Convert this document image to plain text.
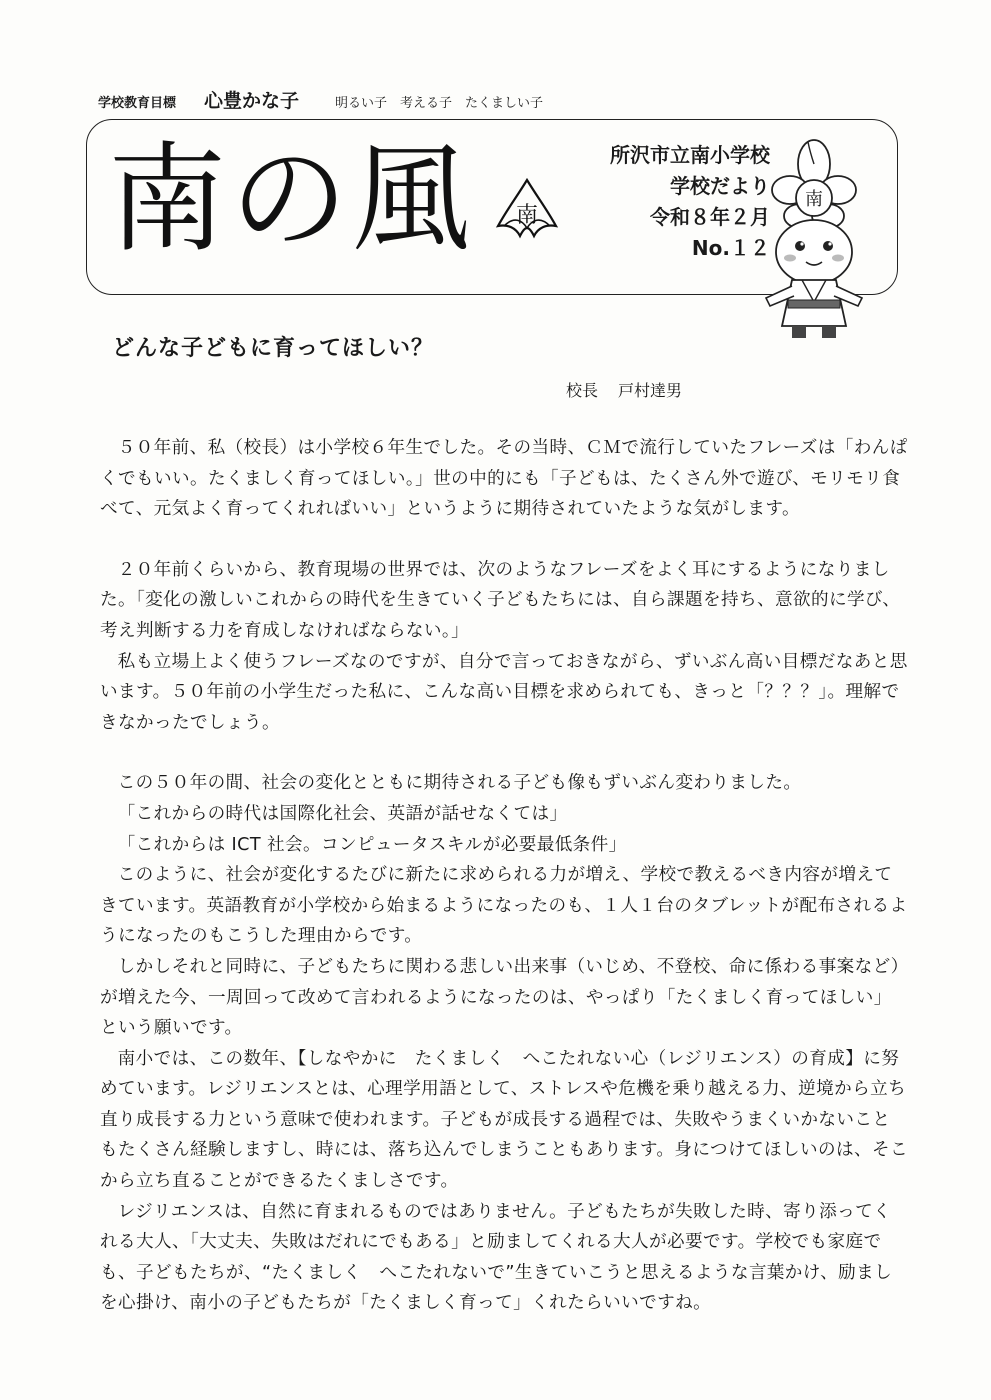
学校教育目標 心豊かな子	明るい子　考える子　たくましい子
南の風 南
所沢市立南小学校
学校だより
令和８年２月
No.１２
南
どんな子どもに育ってほしい？
校長 戸村達男

５０年前、私（校長）は小学校６年生でした。その当時、ＣＭで流行していたフレーズは「わんぱくでもいい。たくましく育ってほしい。」世の中的にも「子どもは、たくさん外で遊び、モリモリ食べて、元気よく育ってくれればいい」というように期待されていたような気がします。

２０年前くらいから、教育現場の世界では、次のようなフレーズをよく耳にするようになりました。「変化の激しいこれからの時代を生きていく子どもたちには、自ら課題を持ち、意欲的に学び、考え判断する力を育成しなければならない。」

私も立場上よく使うフレーズなのですが、自分で言っておきながら、ずいぶん高い目標だなあと思います。５０年前の小学生だった私に、こんな高い目標を求められても、きっと「？？？」。理解できなかったでしょう。

この５０年の間、社会の変化とともに期待される子ども像もずいぶん変わりました。

「これからの時代は国際化社会、英語が話せなくては」

「これからは ICT 社会。コンピュータスキルが必要最低条件」

このように、社会が変化するたびに新たに求められる力が増え、学校で教えるべき内容が増えてきています。英語教育が小学校から始まるようになったのも、１人１台のタブレットが配布されるようになったのもこうした理由からです。

しかしそれと同時に、子どもたちに関わる悲しい出来事（いじめ、不登校、命に係わる事案など）が増えた今、一周回って改めて言われるようになったのは、やっぱり「たくましく育ってほしい」という願いです。

南小では、この数年、【しなやかに　たくましく　へこたれない心（レジリエンス）の育成】に努めています。レジリエンスとは、心理学用語として、ストレスや危機を乗り越える力、逆境から立ち直り成長する力という意味で使われます。子どもが成長する過程では、失敗やうまくいかないこともたくさん経験しますし、時には、落ち込んでしまうこともあります。身につけてほしいのは、そこから立ち直ることができるたくましさです。

レジリエンスは、自然に育まれるものではありません。子どもたちが失敗した時、寄り添ってくれる大人、「大丈夫、失敗はだれにでもある」と励ましてくれる大人が必要です。学校でも家庭でも、子どもたちが、“たくましく　へこたれないで”生きていこうと思えるような言葉かけ、励ましを心掛け、南小の子どもたちが「たくましく育って」くれたらいいですね。
